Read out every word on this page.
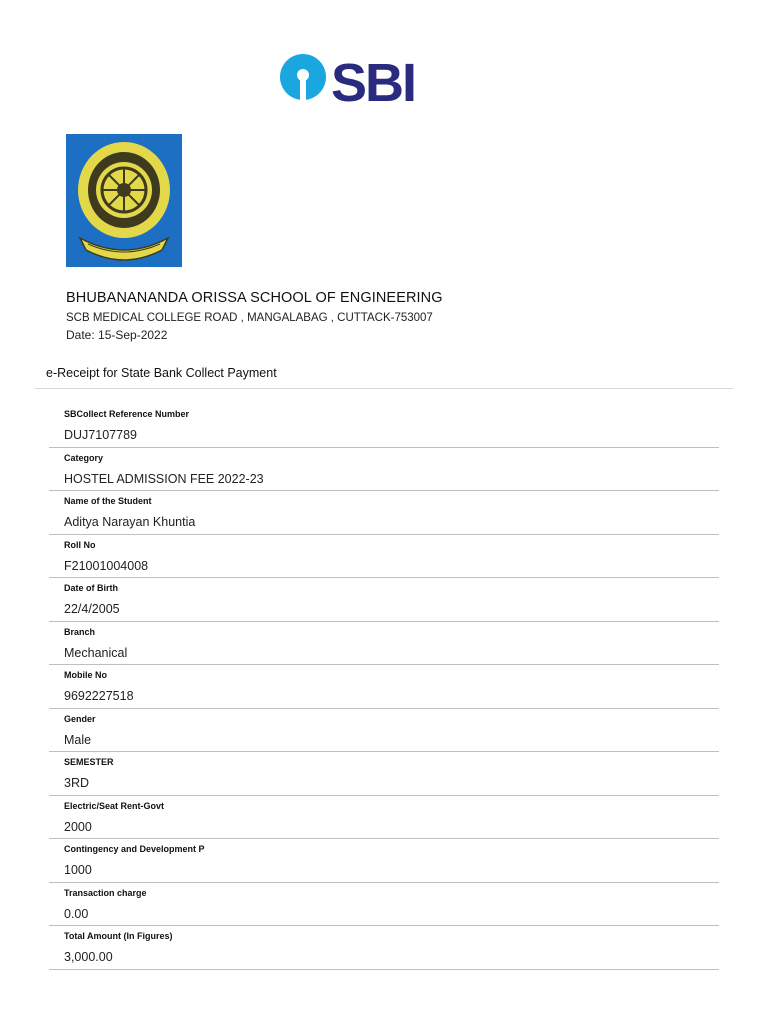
SBI
BHUBANANANDA ORISSA SCHOOL OF ENGINEERING
SCB MEDICAL COLLEGE ROAD , MANGALABAG , CUTTACK-753007
Date: 15-Sep-2022
e-Receipt for State Bank Collect Payment
SBCollect Reference Number
DUJ7107789
Category
HOSTEL ADMISSION FEE 2022-23
Name of the Student
Aditya Narayan Khuntia
Roll No
F21001004008
Date of Birth
22/4/2005
Branch
Mechanical
Mobile No
9692227518
Gender
Male
SEMESTER
3RD
Electric/Seat Rent-Govt
2000
Contingency and Development P
1000
Transaction charge
0.00
Total Amount (In Figures)
3,000.00
